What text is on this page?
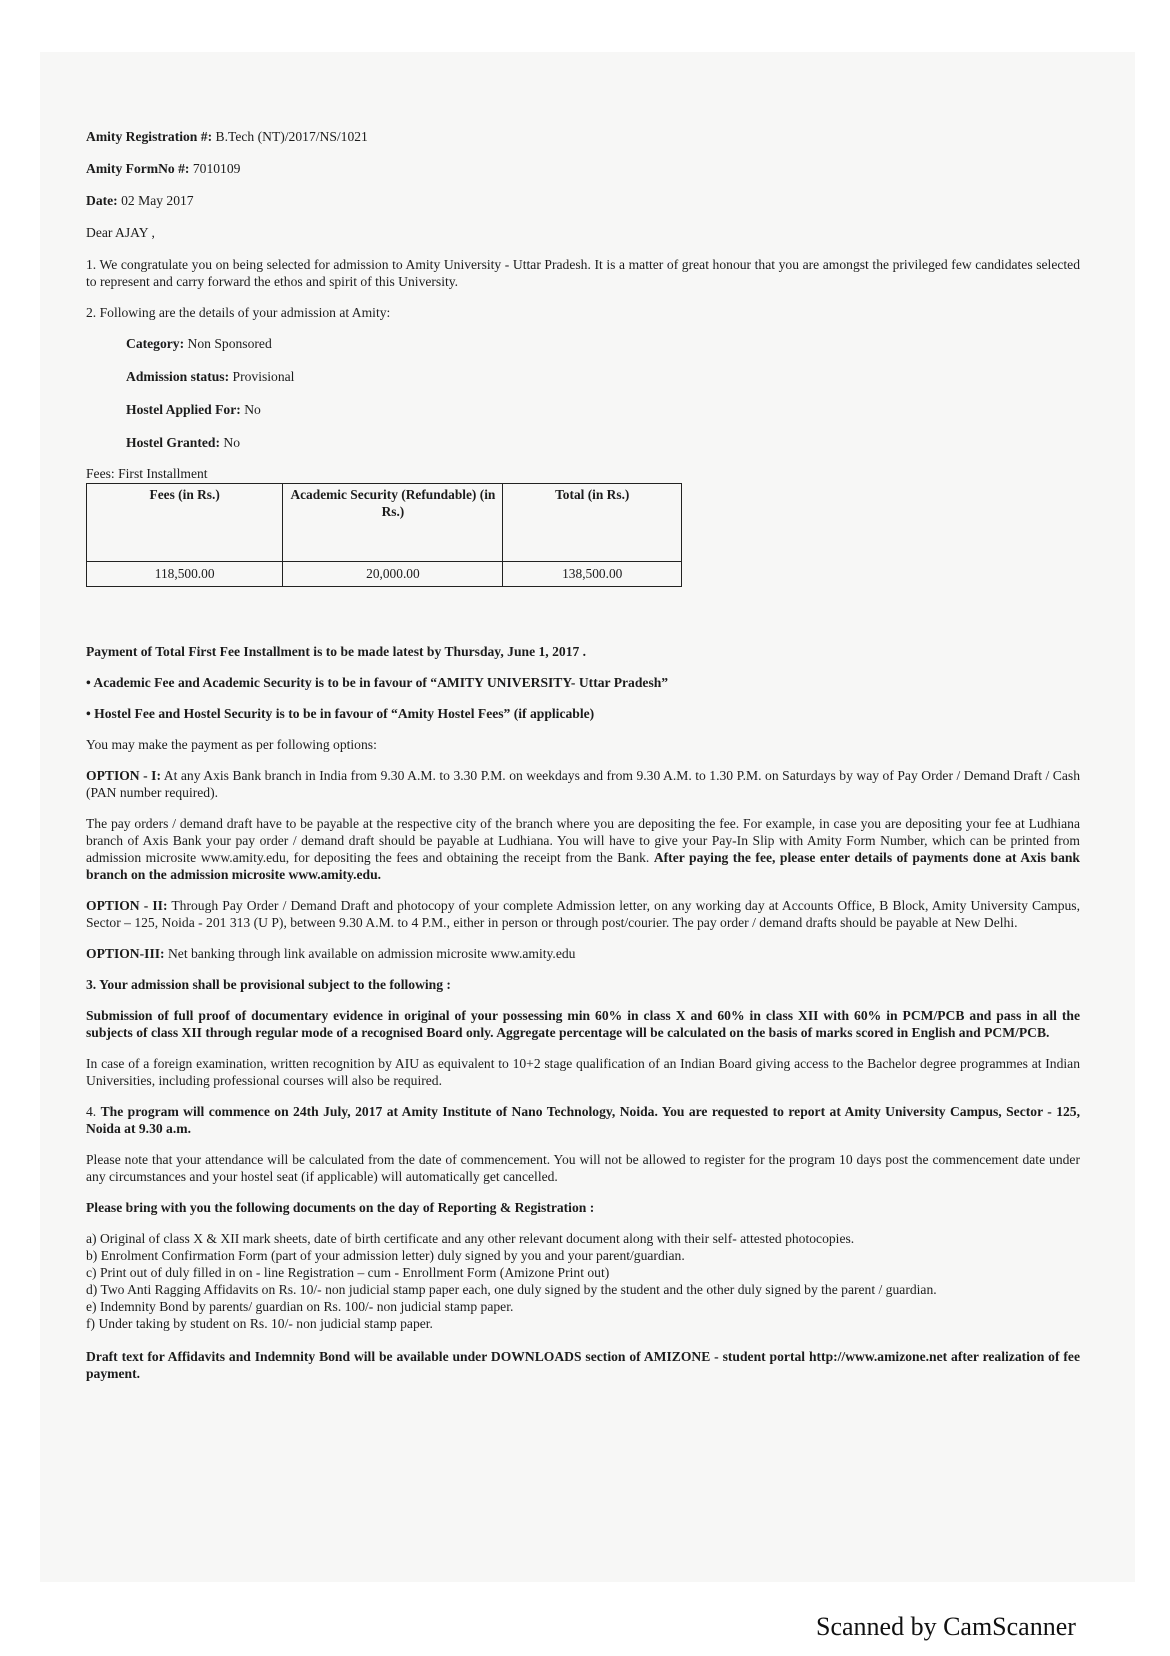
Amity Registration #: B.Tech (NT)/2017/NS/1021

Amity FormNo #: 7010109

Date: 02 May 2017

Dear AJAY ,

1. We congratulate you on being selected for admission to Amity University - Uttar Pradesh. It is a matter of great honour that you are amongst the privileged few candidates selected to represent and carry forward the ethos and spirit of this University.

2. Following are the details of your admission at Amity:

Category: Non Sponsored

Admission status: Provisional

Hostel Applied For: No

Hostel Granted: No

Fees: First Installment

Fees (in Rs.)	Academic Security (Refundable) (in Rs.)	Total (in Rs.)
118,500.00	20,000.00	138,500.00

Payment of Total First Fee Installment is to be made latest by Thursday, June 1, 2017 .

• Academic Fee and Academic Security is to be in favour of “AMITY UNIVERSITY- Uttar Pradesh”

• Hostel Fee and Hostel Security is to be in favour of “Amity Hostel Fees” (if applicable)

You may make the payment as per following options:

OPTION - I: At any Axis Bank branch in India from 9.30 A.M. to 3.30 P.M. on weekdays and from 9.30 A.M. to 1.30 P.M. on Saturdays by way of Pay Order / Demand Draft / Cash (PAN number required).

The pay orders / demand draft have to be payable at the respective city of the branch where you are depositing the fee. For example, in case you are depositing your fee at Ludhiana branch of Axis Bank your pay order / demand draft should be payable at Ludhiana. You will have to give your Pay-In Slip with Amity Form Number, which can be printed from admission microsite www.amity.edu, for depositing the fees and obtaining the receipt from the Bank. After paying the fee, please enter details of payments done at Axis bank branch on the admission microsite www.amity.edu.

OPTION - II: Through Pay Order / Demand Draft and photocopy of your complete Admission letter, on any working day at Accounts Office, B Block, Amity University Campus, Sector – 125, Noida - 201 313 (U P), between 9.30 A.M. to 4 P.M., either in person or through post/courier. The pay order / demand drafts should be payable at New Delhi.

OPTION-III: Net banking through link available on admission microsite www.amity.edu

3. Your admission shall be provisional subject to the following :

Submission of full proof of documentary evidence in original of your possessing min 60% in class X and 60% in class XII with 60% in PCM/PCB and pass in all the subjects of class XII through regular mode of a recognised Board only. Aggregate percentage will be calculated on the basis of marks scored in English and PCM/PCB.

In case of a foreign examination, written recognition by AIU as equivalent to 10+2 stage qualification of an Indian Board giving access to the Bachelor degree programmes at Indian Universities, including professional courses will also be required.

4. The program will commence on 24th July, 2017 at Amity Institute of Nano Technology, Noida. You are requested to report at Amity University Campus, Sector - 125, Noida at 9.30 a.m.

Please note that your attendance will be calculated from the date of commencement. You will not be allowed to register for the program 10 days post the commencement date under any circumstances and your hostel seat (if applicable) will automatically get cancelled.

Please bring with you the following documents on the day of Reporting & Registration :

a) Original of class X & XII mark sheets, date of birth certificate and any other relevant document along with their self- attested photocopies.

b) Enrolment Confirmation Form (part of your admission letter) duly signed by you and your parent/guardian.

c) Print out of duly filled in on - line Registration – cum - Enrollment Form (Amizone Print out)

d) Two Anti Ragging Affidavits on Rs. 10/- non judicial stamp paper each, one duly signed by the student and the other duly signed by the parent / guardian.

e) Indemnity Bond by parents/ guardian on Rs. 100/- non judicial stamp paper.

f) Under taking by student on Rs. 10/- non judicial stamp paper.

Draft text for Affidavits and Indemnity Bond will be available under DOWNLOADS section of AMIZONE - student portal http://www.amizone.net after realization of fee payment.

Scanned by CamScanner
